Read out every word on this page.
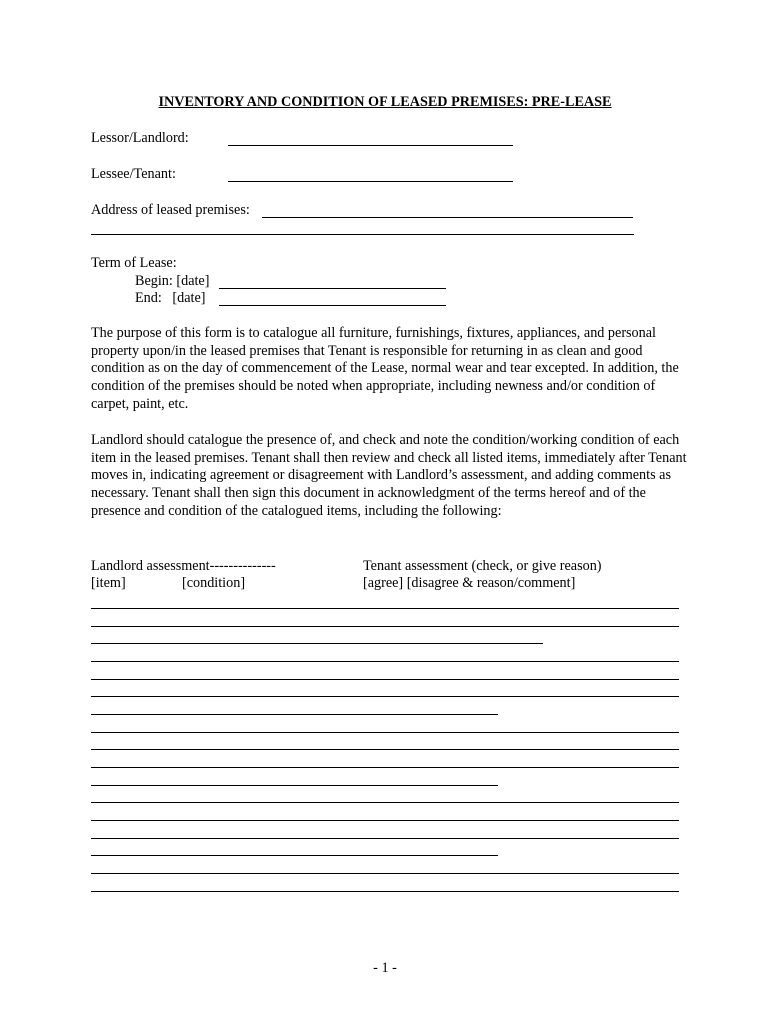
INVENTORY AND CONDITION OF LEASED PREMISES: PRE-LEASE
Lessor/Landlord:
Lessee/Tenant:
Address of leased premises:
Term of Lease:
Begin: [date]
End:   [date]
The purpose of this form is to catalogue all furniture, furnishings, fixtures, appliances, and personal property upon/in the leased premises that Tenant is responsible for returning in as clean and good condition as on the day of commencement of the Lease, normal wear and tear excepted. In addition, the condition of the premises should be noted when appropriate, including newness and/or condition of carpet, paint, etc.
Landlord should catalogue the presence of, and check and note the condition/working condition of each item in the leased premises. Tenant shall then review and check all listed items, immediately after Tenant moves in, indicating agreement or disagreement with Landlord’s assessment, and adding comments as necessary. Tenant shall then sign this document in acknowledgment of the terms hereof and of the presence and condition of the catalogued items, including the following:
Landlord assessment--------------	Tenant assessment (check, or give reason)
[item]	[condition]	[agree] [disagree & reason/comment]
- 1 -
